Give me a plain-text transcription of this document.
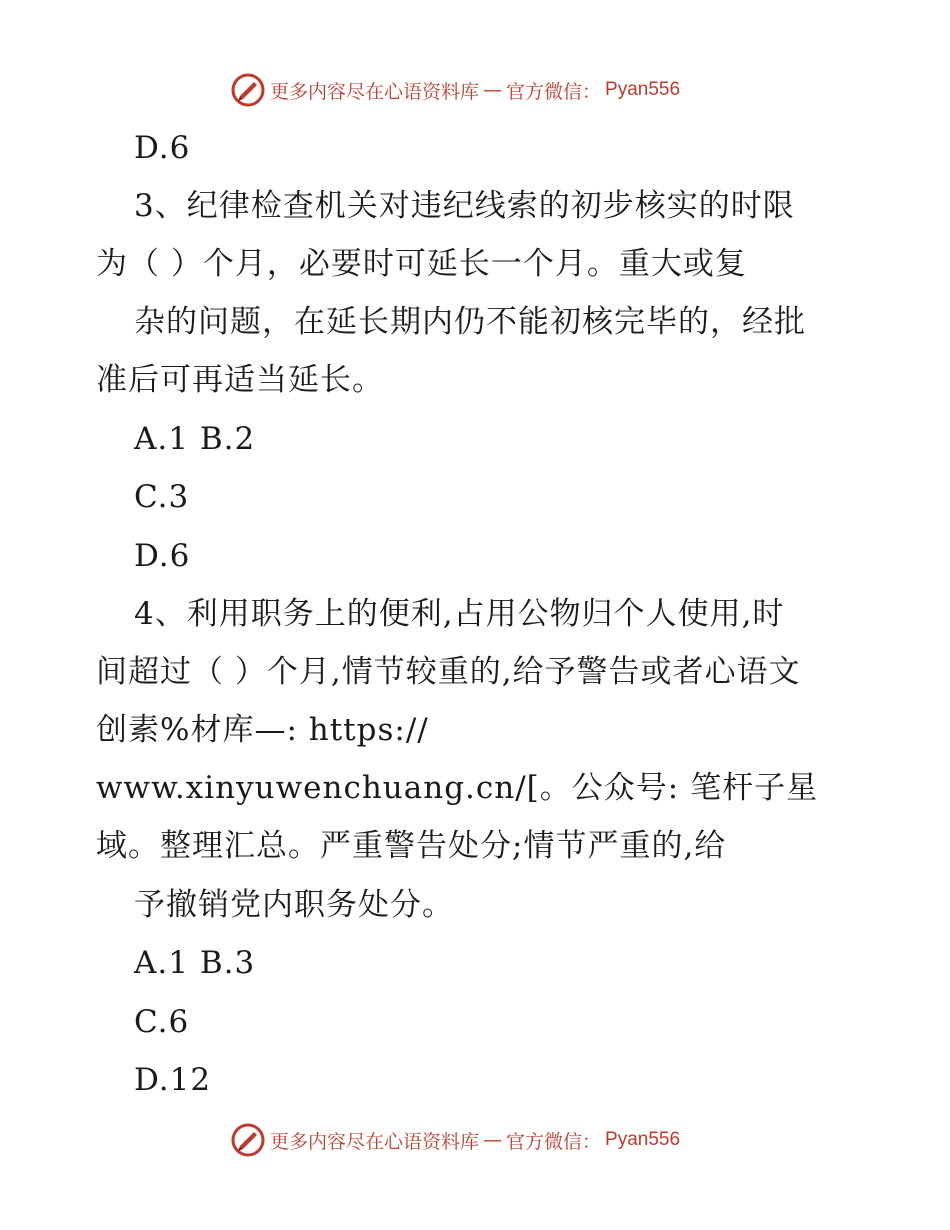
更多内容尽在心语资料库 — 官方微信： Pyan556
D.6
3、纪律检查机关对违纪线索的初步核实的时限
为（ ）个月，必要时可延长一个月。重大或复
杂的问题，在延长期内仍不能初核完毕的，经批
准后可再适当延长。
A.1 B.2
C.3
D.6
4、利用职务上的便利,占用公物归个人使用,时
间超过（ ）个月,情节较重的,给予警告或者心语文
创素%材库—: https://
www.xinyuwenchuang.cn/[。公众号: 笔杆子星
域。整理汇总。严重警告处分;情节严重的,给
予撤销党内职务处分。
A.1 B.3
C.6
D.12
更多内容尽在心语资料库 — 官方微信： Pyan556
